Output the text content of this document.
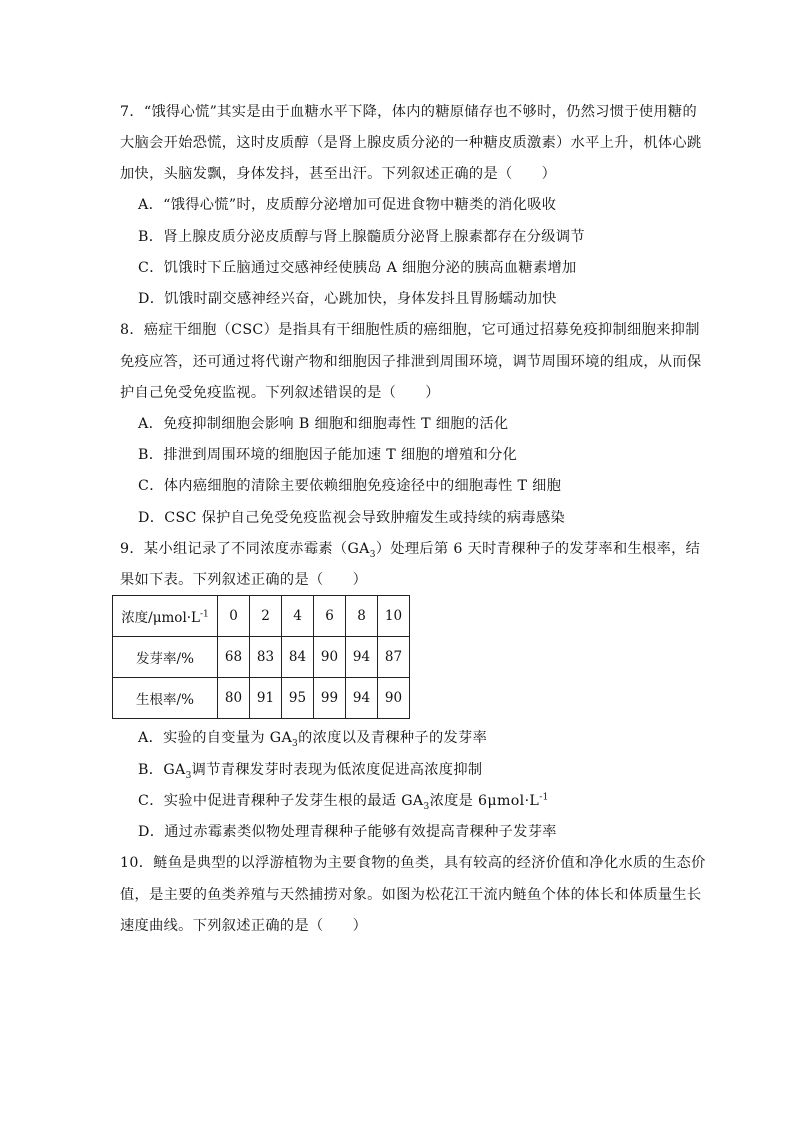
7．“饿得心慌”其实是由于血糖水平下降，体内的糖原储存也不够时，仍然习惯于使用糖的
大脑会开始恐慌，这时皮质醇（是肾上腺皮质分泌的一种糖皮质激素）水平上升，机体心跳
加快，头脑发飘，身体发抖，甚至出汗。下列叙述正确的是（　　）
A．“饿得心慌”时，皮质醇分泌增加可促进食物中糖类的消化吸收
B．肾上腺皮质分泌皮质醇与肾上腺髓质分泌肾上腺素都存在分级调节
C．饥饿时下丘脑通过交感神经使胰岛 A 细胞分泌的胰高血糖素增加
D．饥饿时副交感神经兴奋，心跳加快，身体发抖且胃肠蠕动加快
8．癌症干细胞（CSC）是指具有干细胞性质的癌细胞，它可通过招募免疫抑制细胞来抑制
免疫应答，还可通过将代谢产物和细胞因子排泄到周围环境，调节周围环境的组成，从而保
护自己免受免疫监视。下列叙述错误的是（　　）
A．免疫抑制细胞会影响 B 细胞和细胞毒性 T 细胞的活化
B．排泄到周围环境的细胞因子能加速 T 细胞的增殖和分化
C．体内癌细胞的清除主要依赖细胞免疫途径中的细胞毒性 T 细胞
D．CSC 保护自己免受免疫监视会导致肿瘤发生或持续的病毒感染
9．某小组记录了不同浓度赤霉素$(GA_3)$处理后第 6 天时青稞种子的发芽率和生根率，结
果如下表。下列叙述正确的是（　　）
浓度$/\mu mol\cdot L^{-1}$	0	2	4	6	8	10
发芽率/%	68	83	84	90	94	87
生根率/%	80	91	95	99	94	90
A．实验的自变量为 $GA_3$的浓度以及青稞种子的发芽率
B．$GA_3$调节青稞发芽时表现为低浓度促进高浓度抑制
C．实验中促进青稞种子发芽生根的最适 $GA_3$浓度是 $6\mu mol\cdot L^{-1}$
D．通过赤霉素类似物处理青稞种子能够有效提高青稞种子发芽率
10．鲢鱼是典型的以浮游植物为主要食物的鱼类，具有较高的经济价值和净化水质的生态价
值，是主要的鱼类养殖与天然捕捞对象。如图为松花江干流内鲢鱼个体的体长和体质量生长
速度曲线。下列叙述正确的是（　　）
